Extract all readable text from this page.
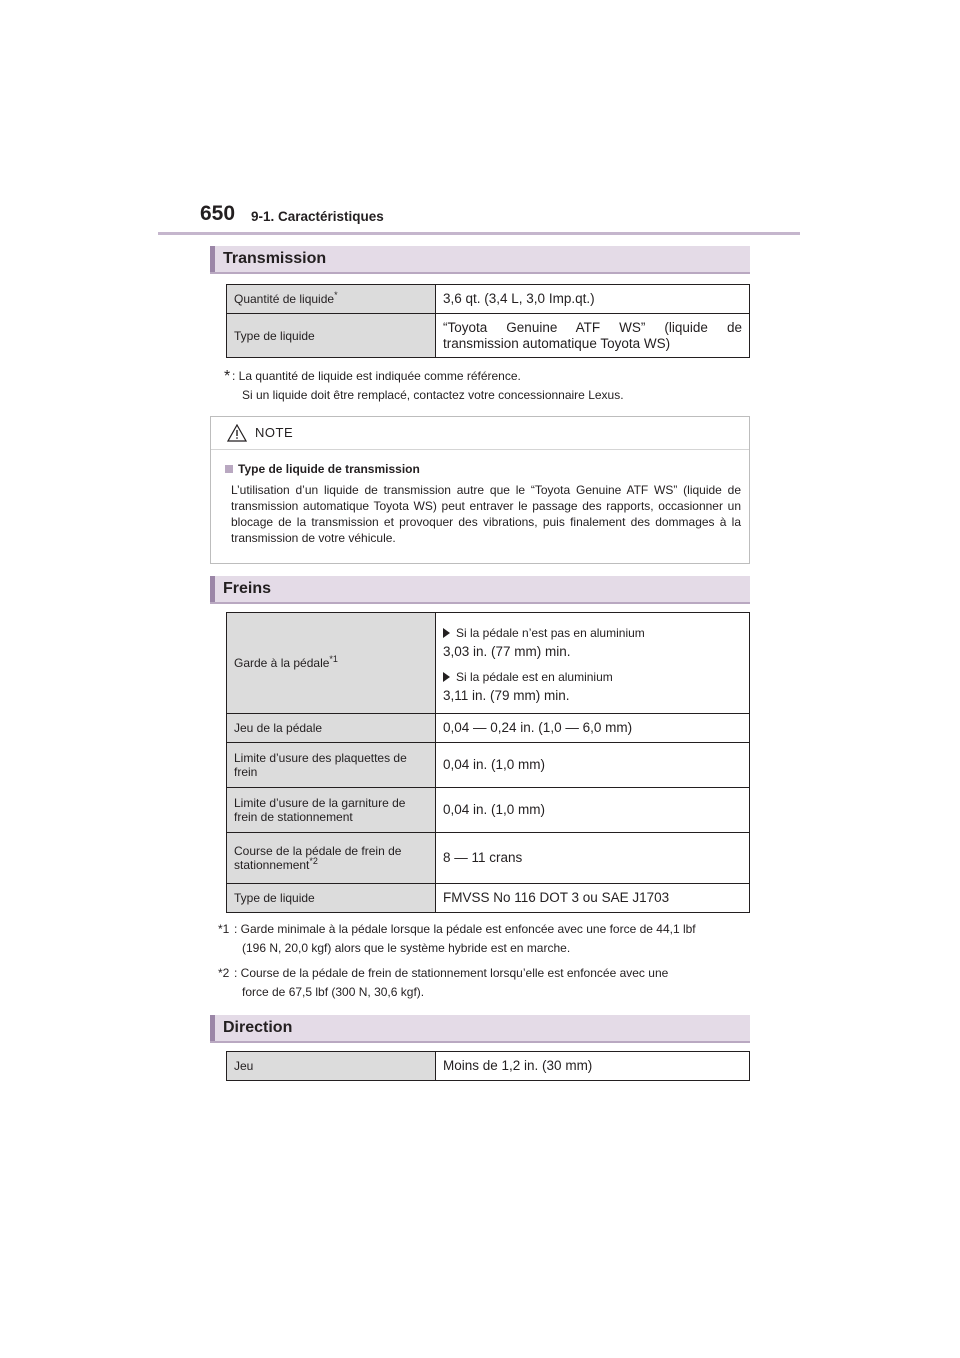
650 9-1. Caractéristiques
Transmission
Quantité de liquide*	3,6 qt. (3,4 L, 3,0 Imp.qt.)
Type de liquide	“Toyota Genuine ATF WS” (liquide de transmission automatique Toyota WS)
* : La quantité de liquide est indiquée comme référence.
Si un liquide doit être remplacé, contactez votre concessionnaire Lexus.
NOTE
Type de liquide de transmission
L’utilisation d’un liquide de transmission autre que le “Toyota Genuine ATF WS” (liquide de transmission automatique Toyota WS) peut entraver le passage des rapports, occasionner un blocage de la transmission et provoquer des vibrations, puis finalement des dommages à la transmission de votre véhicule.
Freins
Garde à la pédale$^{*1}$	Si la pédale n’est pas en aluminium
3,03 in. (77 mm) min.
Si la pédale est en aluminium
3,11 in. (79 mm) min.

Jeu de la pédale	0,04 — 0,24 in. (1,0 — 6,0 mm)
Limite d’usure des plaquettes de frein	0,04 in. (1,0 mm)
Limite d’usure de la garniture de frein de stationnement	0,04 in. (1,0 mm)
Course de la pédale de frein de stationnement$^{*2}$	8 — 11 crans
Type de liquide	FMVSS No 116 DOT 3 ou SAE J1703
*1 : Garde minimale à la pédale lorsque la pédale est enfoncée avec une force de 44,1 lbf
(196 N, 20,0 kgf) alors que le système hybride est en marche.
*2 : Course de la pédale de frein de stationnement lorsqu’elle est enfoncée avec une
force de 67,5 lbf (300 N, 30,6 kgf).
Direction
Jeu	Moins de 1,2 in. (30 mm)
